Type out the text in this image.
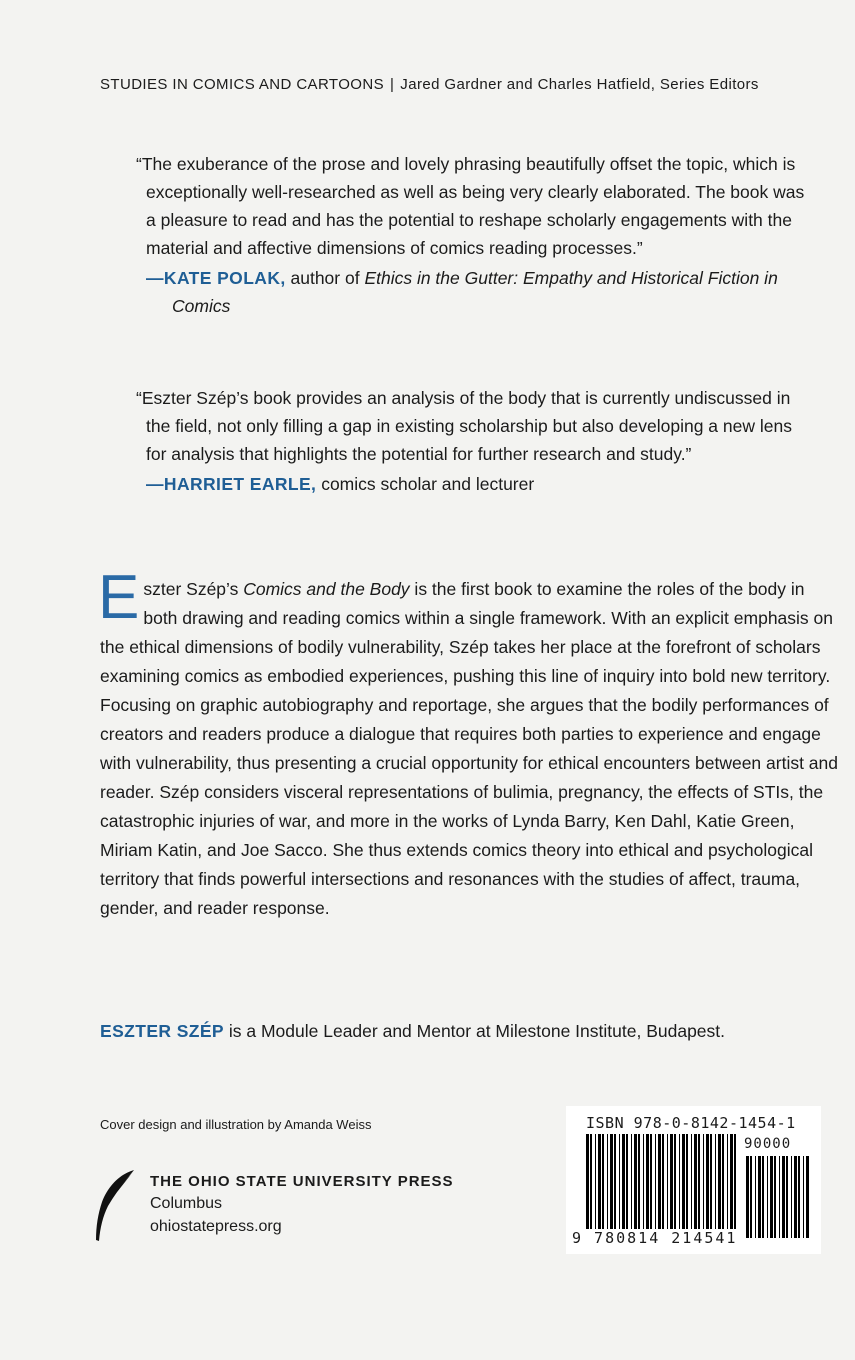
STUDIES IN COMICS AND CARTOONS | Jared Gardner and Charles Hatfield, Series Editors

“The exuberance of the prose and lovely phrasing beautifully offset the topic, which is exceptionally well-researched as well as being very clearly elaborated. The book was a pleasure to read and has the potential to reshape scholarly engagements with the material and affective dimensions of comics reading processes.”

—KATE POLAK, author of Ethics in the Gutter: Empathy and Historical Fiction in Comics

“Eszter Szép’s book provides an analysis of the body that is currently undiscussed in the field, not only filling a gap in existing scholarship but also developing a new lens for analysis that highlights the potential for further research and study.”

—HARRIET EARLE, comics scholar and lecturer

Eszter Szép’s Comics and the Body is the first book to examine the roles of the body in both drawing and reading comics within a single framework. With an explicit emphasis on the ethical dimensions of bodily vulnerability, Szép takes her place at the forefront of scholars examining comics as embodied experiences, pushing this line of inquiry into bold new territory. Focusing on graphic autobiography and reportage, she argues that the bodily performances of creators and readers produce a dialogue that requires both parties to experience and engage with vulnerability, thus presenting a crucial opportunity for ethical encounters between artist and reader. Szép considers visceral representations of bulimia, pregnancy, the effects of STIs, the catastrophic injuries of war, and more in the works of Lynda Barry, Ken Dahl, Katie Green, Miriam Katin, and Joe Sacco. She thus extends comics theory into ethical and psychological territory that finds powerful intersections and resonances with the studies of affect, trauma, gender, and reader response.

ESZTER SZÉP is a Module Leader and Mentor at Milestone Institute, Budapest.

Cover design and illustration by Amanda Weiss
THE OHIO STATE UNIVERSITY PRESS
Columbus
ohiostatepress.org
ISBN 978-0-8142-1454-1
90000
9 780814 214541
